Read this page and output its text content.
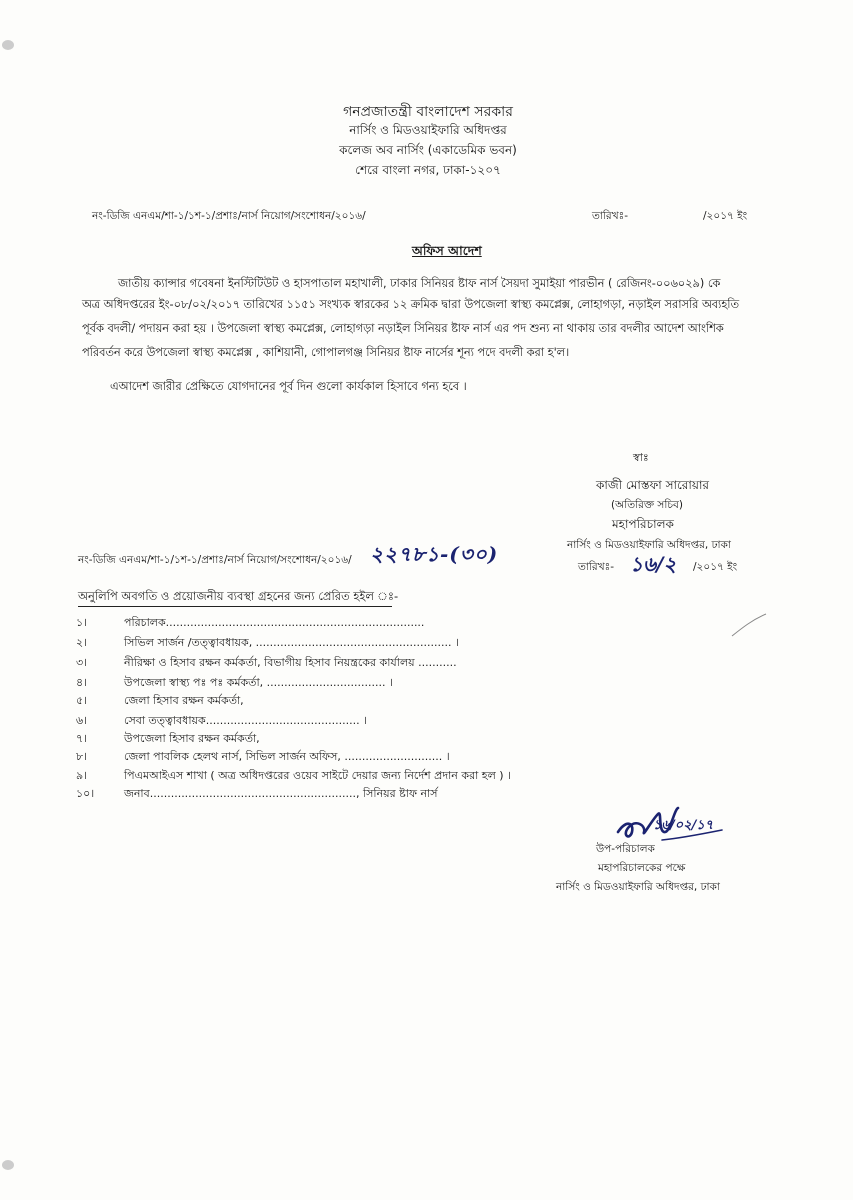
গনপ্রজাতন্ত্রী বাংলাদেশ সরকার
নার্সিং ও মিডওয়াইফারি অধিদপ্তর
কলেজ অব নার্সিং (একাডেমিক ভবন)
শেরে বাংলা নগর, ঢাকা-১২০৭
নং-ডিজি এনএম/শা-১/১শ-১/প্রশাঃ/নার্স নিয়োগ/সংশোধন/২০১৬/	তারিখঃ-	/২০১৭ ইং
অফিস আদেশ
জাতীয় ক্যান্সার গবেষনা ইনস্টিটিউট ও হাসপাতাল মহাখালী, ঢাকার সিনিয়র ষ্টাফ নার্স সৈয়দা সুমাইয়া পারভীন ( রেজিনং-০০৬০২৯) কে
অত্র অধিদপ্তরের ইং-০৮/০২/২০১৭ তারিখের ১১৫১ সংখ্যক স্বারকের ১২ ক্রমিক দ্বারা উপজেলা স্বাস্থ্য কমপ্লেক্স, লোহাগড়া, নড়াইল সরাসরি অব্যহতি
পূর্বক বদলী/ পদায়ন করা হয় । উপজেলা স্বাস্থ্য কমপ্লেক্স, লোহাগড়া নড়াইল সিনিয়র ষ্টাফ নার্স এর পদ শুন্য না থাকায় তার বদলীর আদেশ আংশিক
পরিবর্তন করে উপজেলা স্বাস্থ্য কমপ্লেক্স , কাশিয়ানী, গোপালগঞ্জ সিনিয়র ষ্টাফ নার্সের শূন্য পদে বদলী করা হ'ল।
এআদেশ জারীর প্রেক্ষিতে যোগদানের পূর্ব দিন গুলো কার্যকাল হিসাবে গন্য হবে ।
স্বাঃ
কাজী মোস্তফা সারোয়ার
(অতিরিক্ত সচিব)
মহাপরিচালক
নার্সিং ও মিডওয়াইফারি অধিদপ্তর, ঢাকা
নং-ডিজি এনএম/শা-১/১শ-১/প্রশাঃ/নার্স নিয়োগ/সংশোধন/২০১৬/ ২২৭৮১-(৩০)
তারিখঃ- ১৬/২ /২০১৭ ইং
অনুলিপি অবগতি ও প্রয়োজনীয় ব্যবস্থা গ্রহনের জন্য প্রেরিত হইল ঃ-
১।	পরিচালক..........................................................................
২।	সিভিল সার্জন /তত্ত্বাবধায়ক, ........................................................ ।
৩।	নীরিক্ষা ও হিসাব রক্ষন কর্মকর্তা, বিভাগীয় হিসাব নিয়ন্ত্রকের কার্যালয় ...........
৪।	উপজেলা স্বাস্থ্য পঃ পঃ কর্মকর্তা, .................................. ।
৫।	জেলা হিসাব রক্ষন কর্মকর্তা,
৬।	সেবা তত্ত্বাবধায়ক............................................ ।
৭।	উপজেলা হিসাব রক্ষন কর্মকর্তা,
৮।	জেলা পাবলিক হেলথ নার্স, সিভিল সার্জন অফিস, ............................ ।
৯।	পিএমআইএস শাখা ( অত্র অধিদপ্তরের ওয়েব সাইটে দেয়ার জন্য নির্দেশ প্রদান করা হল ) ।
১০।	জনাব..........................................................., সিনিয়র ষ্টাফ নার্স
১৬/০২/১৭
উপ-পরিচালক
মহাপরিচালকের পক্ষে
নার্সিং ও মিডওয়াইফারি অধিদপ্তর, ঢাকা
